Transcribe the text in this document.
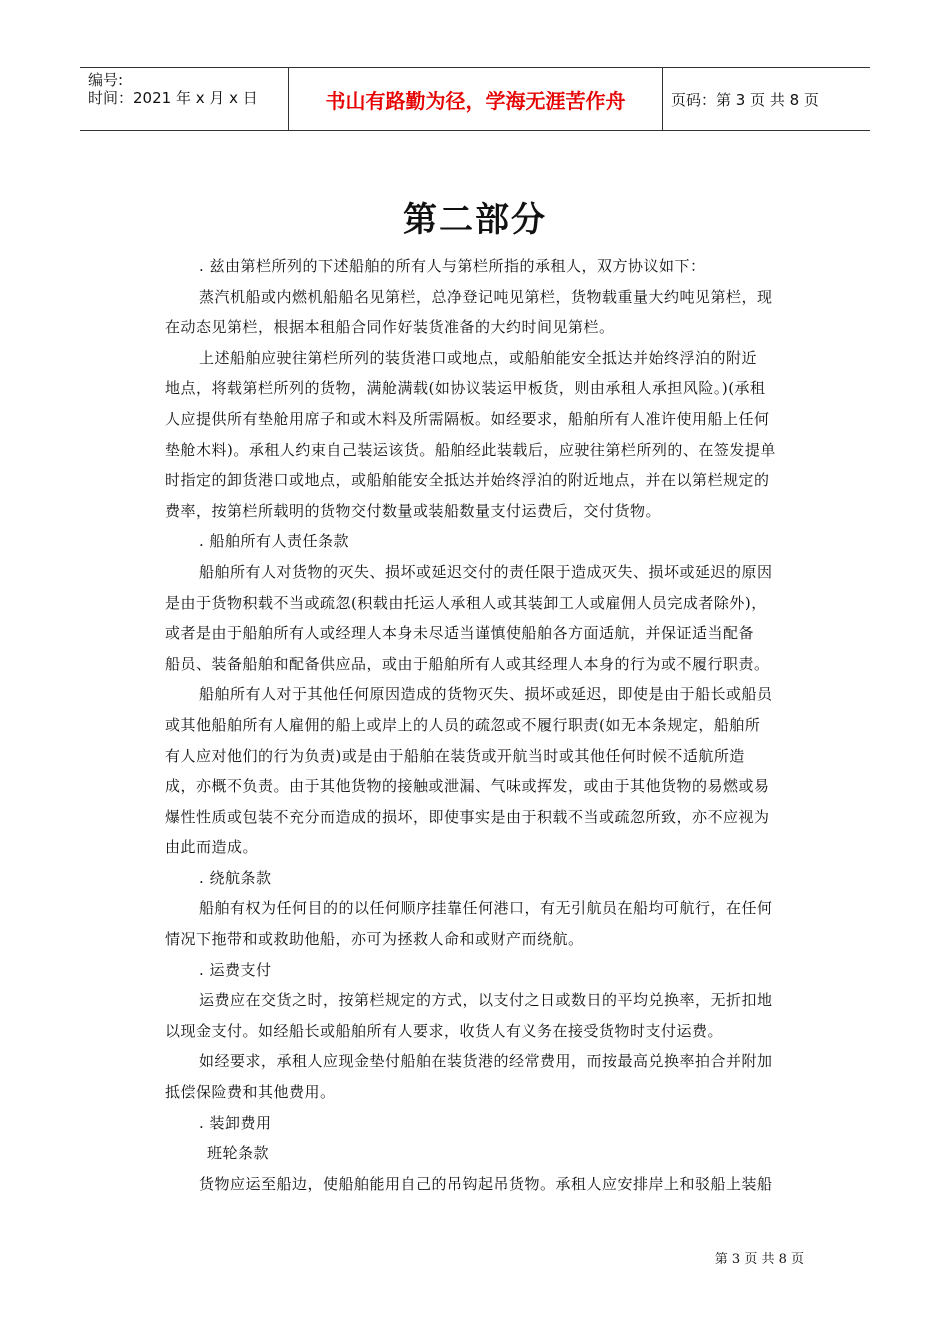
编号:
时间：2021 年 x 月 x 日	书山有路勤为径，学海无涯苦作舟	页码：第 3 页 共 8 页
第二部分
. 兹由第栏所列的下述船舶的所有人与第栏所指的承租人，双方协议如下：
蒸汽机船或内燃机船船名见第栏，总净登记吨见第栏，货物载重量大约吨见第栏，现
在动态见第栏，根据本租船合同作好装货准备的大约时间见第栏。
上述船舶应驶往第栏所列的装货港口或地点，或船舶能安全抵达并始终浮泊的附近
地点，将载第栏所列的货物，满舱满载(如协议装运甲板货，则由承租人承担风险。)(承租
人应提供所有垫舱用席子和或木料及所需隔板。如经要求，船舶所有人准许使用船上任何
垫舱木料)。承租人约束自己装运该货。船舶经此装载后，应驶往第栏所列的、在签发提单
时指定的卸货港口或地点，或船舶能安全抵达并始终浮泊的附近地点，并在以第栏规定的
费率，按第栏所载明的货物交付数量或装船数量支付运费后，交付货物。
. 船舶所有人责任条款
船舶所有人对货物的灭失、损坏或延迟交付的责任限于造成灭失、损坏或延迟的原因
是由于货物积载不当或疏忽(积载由托运人承租人或其装卸工人或雇佣人员完成者除外)，
或者是由于船舶所有人或经理人本身未尽适当谨慎使船舶各方面适航，并保证适当配备
船员、装备船舶和配备供应品，或由于船舶所有人或其经理人本身的行为或不履行职责。
船舶所有人对于其他任何原因造成的货物灭失、损坏或延迟，即使是由于船长或船员
或其他船舶所有人雇佣的船上或岸上的人员的疏忽或不履行职责(如无本条规定，船舶所
有人应对他们的行为负责)或是由于船舶在装货或开航当时或其他任何时候不适航所造
成，亦概不负责。由于其他货物的接触或泄漏、气味或挥发，或由于其他货物的易燃或易
爆性性质或包装不充分而造成的损坏，即使事实是由于积载不当或疏忽所致，亦不应视为
由此而造成。
. 绕航条款
船舶有权为任何目的的以任何顺序挂靠任何港口，有无引航员在船均可航行，在任何
情况下拖带和或救助他船，亦可为拯救人命和或财产而绕航。
. 运费支付
运费应在交货之时，按第栏规定的方式，以支付之日或数日的平均兑换率，无折扣地
以现金支付。如经船长或船舶所有人要求，收货人有义务在接受货物时支付运费。
如经要求，承租人应现金垫付船舶在装货港的经常费用，而按最高兑换率拍合并附加
抵偿保险费和其他费用。
. 装卸费用
班轮条款
货物应运至船边，使船舶能用自己的吊钩起吊货物。承租人应安排岸上和驳船上装船
第 3 页 共 8 页
